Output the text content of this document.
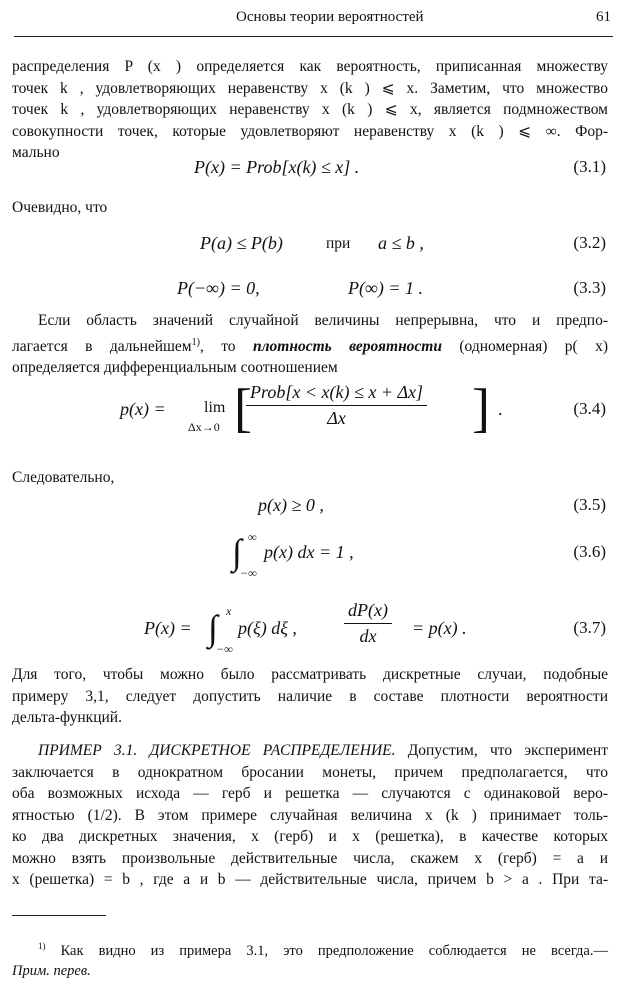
Основы теории вероятностей	61
распределения P (x ) определяется как вероятность, приписанная множеству
точек k , удовлетворяющих неравенству x (k ) ⩽ x. Заметим, что множество
точек k , удовлетворяющих неравенству x (k ) ⩽ x, является подмножеством
совокупности точек, которые удовлетворяют неравенству x (k ) ⩽ ∞. Фор-
мально
P(x) = Prob[x(k) ≤ x] .	(3.1)
Очевидно, что
P(a) ≤ P(b)	при a ≤ b ,	(3.2)
P(−∞) = 0,	P(∞) = 1 .	(3.3)
Если область значений случайной величины непрерывна, что и предпо-
лагается в дальнейшем$^{1)}$, то плотность вероятности (одномерная) p( x)
определяется дифференциальным соотношением
p(x) = lim
Δx→0 [
Prob[x < x(k) ≤ x + Δx]
Δx	] .	(3.4)
Следовательно,
p(x) ≥ 0 ,	(3.5)
∫ ∞
−∞
p(x) dx = 1 ,	(3.6)
P(x) = ∫ x
−∞
p(ξ) dξ ,	$\frac{dP(x)}{dx} = p(x)$ .	(3.7)
Для того, чтобы можно было рассматривать дискретные случаи, подобные
примеру 3,1, следует допустить наличие в составе плотности вероятности
дельта-функций.
ПРИМЕР 3.1. ДИСКРЕТНОЕ РАСПРЕДЕЛЕНИЕ. Допустим, что эксперимент
заключается в однократном бросании монеты, причем предполагается, что
оба возможных исхода — герб и решетка — случаются с одинаковой веро-
ятностью (1/2). В этом примере случайная величина x (k ) принимает толь-
ко два дискретных значения, x (герб) и x (решетка), в качестве которых
можно взять произвольные действительные числа, скажем x (герб) = a и
x (решетка) = b , где a и b — действительные числа, причем b > a . При та-
$^{1)}$ Как видно из примера 3.1, это предположение соблюдается не всегда.—
Прим. перев.
